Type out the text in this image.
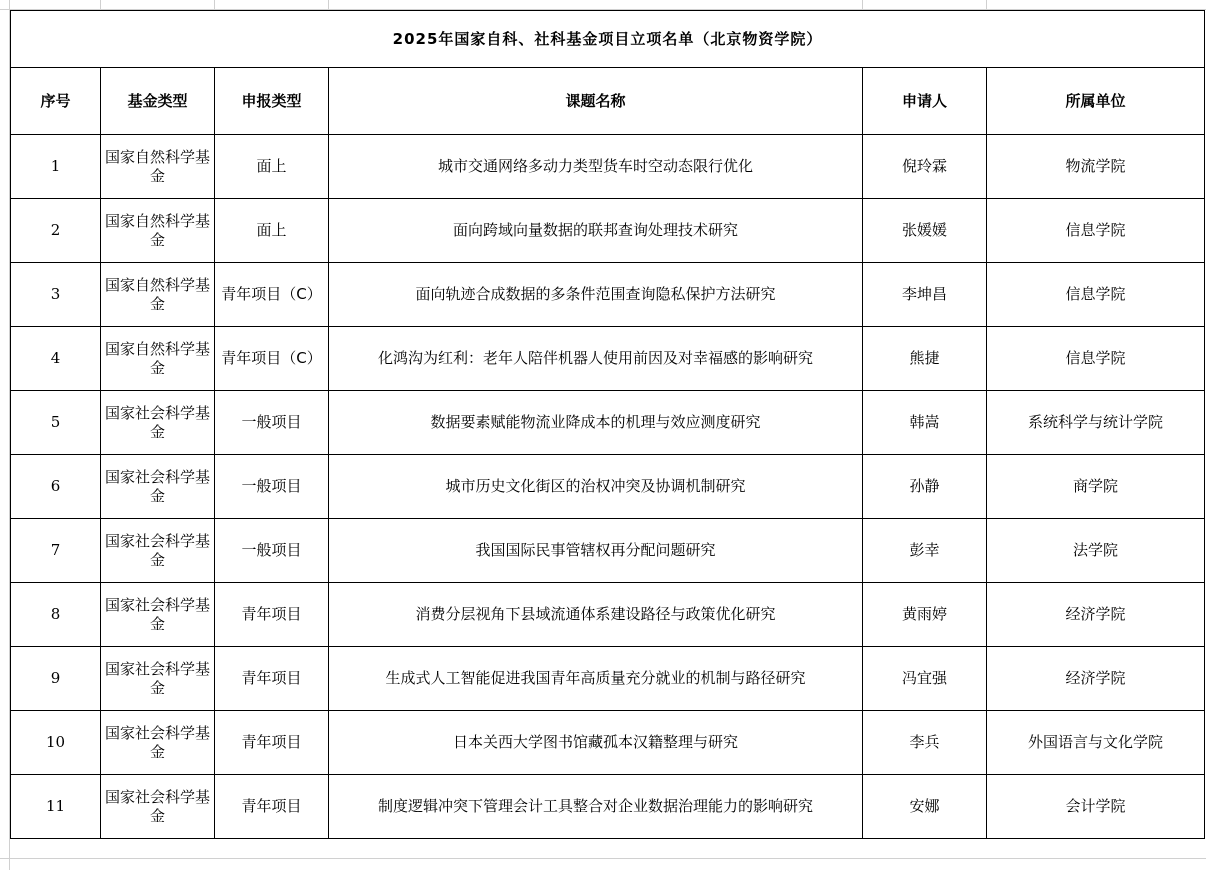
2025年国家自科、社科基金项目立项名单（北京物资学院）					
序号	基金类型	申报类型	课题名称	申请人	所属单位
1	国家自然科学基金	面上	城市交通网络多动力类型货车时空动态限行优化	倪玲霖	物流学院
2	国家自然科学基金	面上	面向跨域向量数据的联邦查询处理技术研究	张媛媛	信息学院
3	国家自然科学基金	青年项目（C）	面向轨迹合成数据的多条件范围查询隐私保护方法研究	李坤昌	信息学院
4	国家自然科学基金	青年项目（C）	化鸿沟为红利：老年人陪伴机器人使用前因及对幸福感的影响研究	熊捷	信息学院
5	国家社会科学基金	一般项目	数据要素赋能物流业降成本的机理与效应测度研究	韩嵩	系统科学与统计学院
6	国家社会科学基金	一般项目	城市历史文化街区的治权冲突及协调机制研究	孙静	商学院
7	国家社会科学基金	一般项目	我国国际民事管辖权再分配问题研究	彭幸	法学院
8	国家社会科学基金	青年项目	消费分层视角下县域流通体系建设路径与政策优化研究	黄雨婷	经济学院
9	国家社会科学基金	青年项目	生成式人工智能促进我国青年高质量充分就业的机制与路径研究	冯宜强	经济学院
10	国家社会科学基金	青年项目	日本关西大学图书馆藏孤本汉籍整理与研究	李兵	外国语言与文化学院
11	国家社会科学基金	青年项目	制度逻辑冲突下管理会计工具整合对企业数据治理能力的影响研究	安娜	会计学院
